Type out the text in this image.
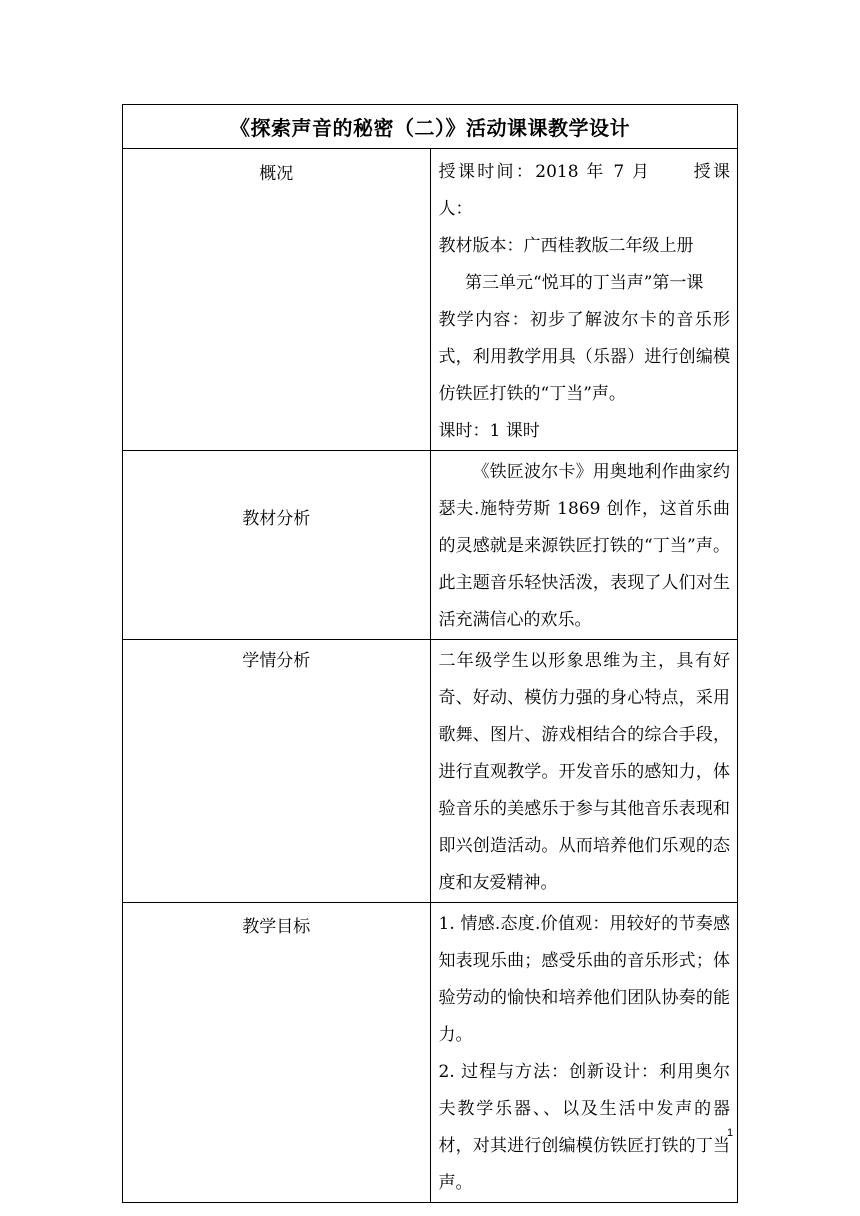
《探索声音的秘密（二）》活动课课教学设计	

概况	授课时间：2018 年 7 月 授课人：

教材版本：广西桂教版二年级上册

第三单元“悦耳的丁当声”第一课

教学内容：初步了解波尔卡的音乐形式，利用教学用具（乐器）进行创编模仿铁匠打铁的“丁当”声。

课时：1 课时

教材分析	《铁匠波尔卡》用奥地利作曲家约瑟夫.施特劳斯 1869 创作，这首乐曲的灵感就是来源铁匠打铁的“丁当”声。此主题音乐轻快活泼，表现了人们对生活充满信心的欢乐。

学情分析	二年级学生以形象思维为主，具有好奇、好动、模仿力强的身心特点，采用歌舞、图片、游戏相结合的综合手段，进行直观教学。开发音乐的感知力，体验音乐的美感乐于参与其他音乐表现和即兴创造活动。从而培养他们乐观的态度和友爱精神。

教学目标	1. 情感.态度.价值观：用较好的节奏感知表现乐曲；感受乐曲的音乐形式；体验劳动的愉快和培养他们团队协奏的能力。

2. 过程与方法：创新设计：利用奥尔夫教学乐器、、以及生活中发声的器材，对其进行创编模仿铁匠打铁的丁当声。

1
